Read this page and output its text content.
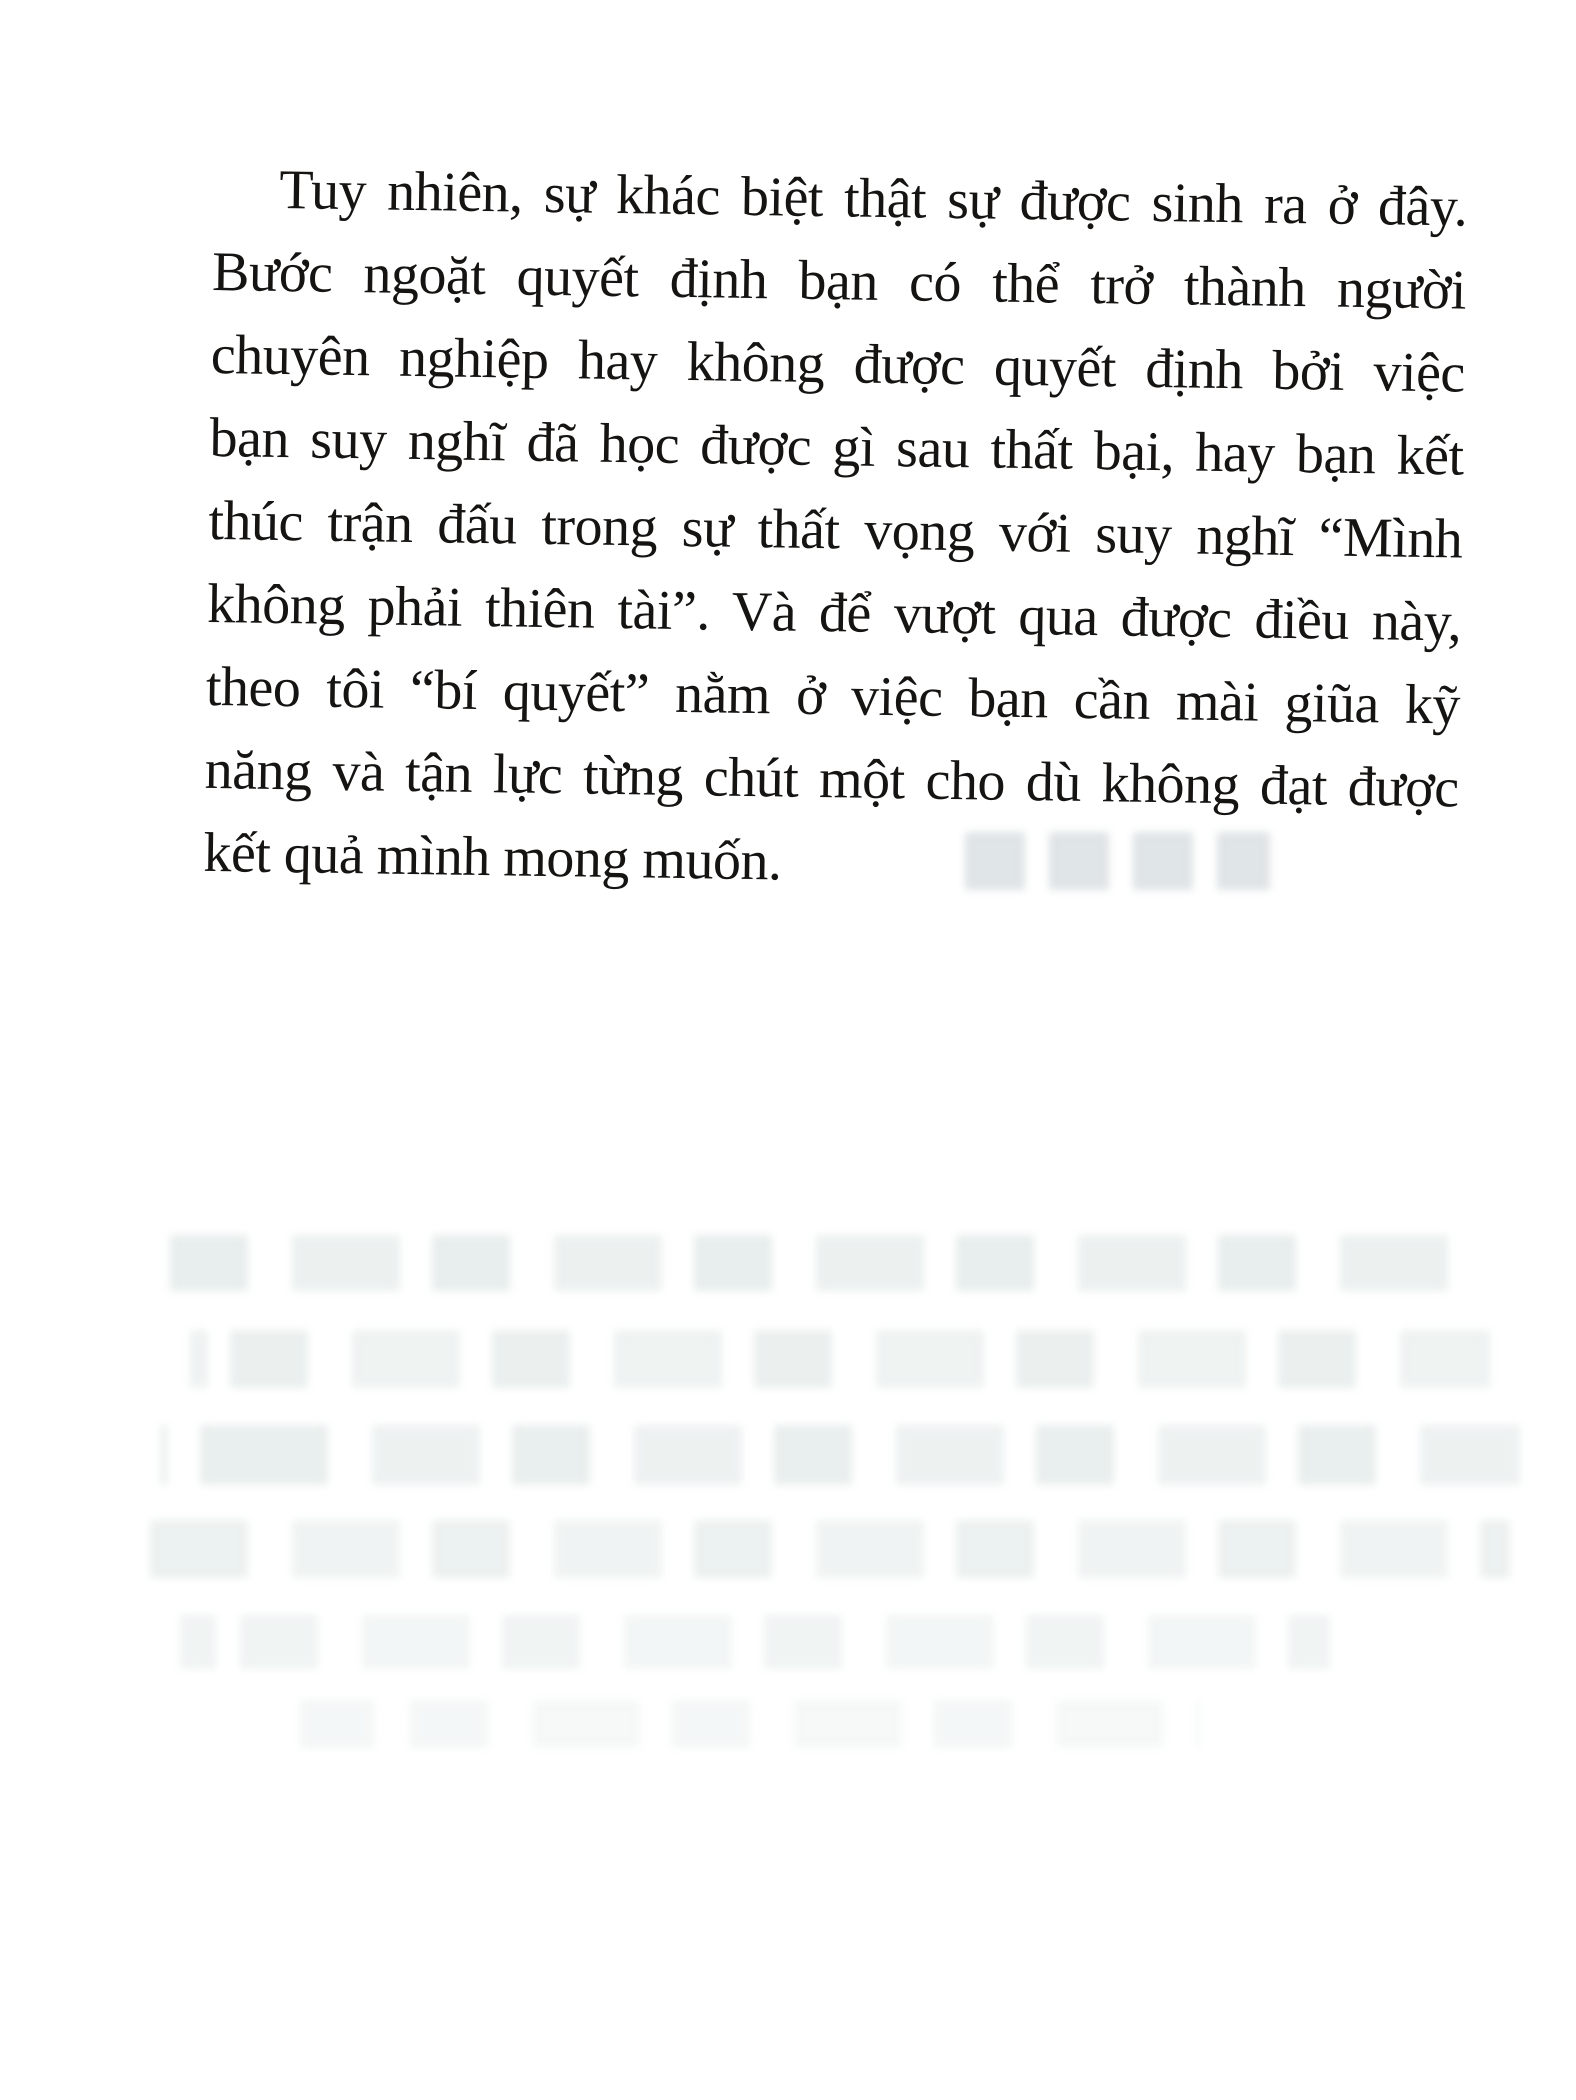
Tuy nhiên, sự khác biệt thật sự được sinh ra ở đây.
Bước ngoặt quyết định bạn có thể trở thành người
chuyên nghiệp hay không được quyết định bởi việc
bạn suy nghĩ đã học được gì sau thất bại, hay bạn kết
thúc trận đấu trong sự thất vọng với suy nghĩ “Mình
không phải thiên tài”. Và để vượt qua được điều này,
theo tôi “bí quyết” nằm ở việc bạn cần mài giũa kỹ
năng và tận lực từng chút một cho dù không đạt được
kết quả mình mong muốn.
